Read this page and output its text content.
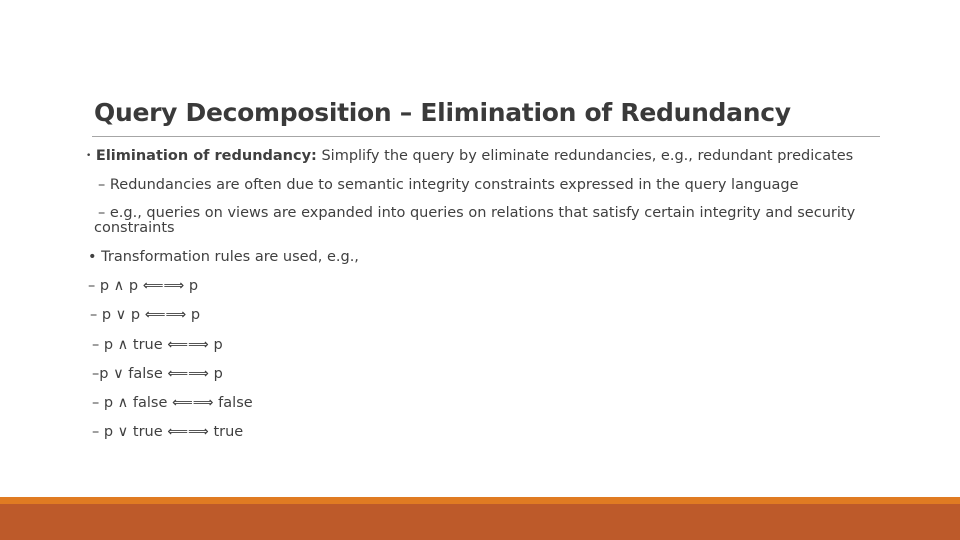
Query Decomposition – Elimination of Redundancy
• Elimination of redundancy: Simplify the query by eliminate redundancies, e.g., redundant predicates
– Redundancies are often due to semantic integrity constraints expressed in the query language
– e.g., queries on views are expanded into queries on relations that satisfy certain integrity and security constraints
• Transformation rules are used, e.g.,
– p ∧ p ⟸⟹ p
– p ∨ p ⟸⟹ p
– p ∧ true ⟸⟹ p
–p ∨ false ⟸⟹ p
– p ∧ false ⟸⟹ false
– p ∨ true ⟸⟹ true
